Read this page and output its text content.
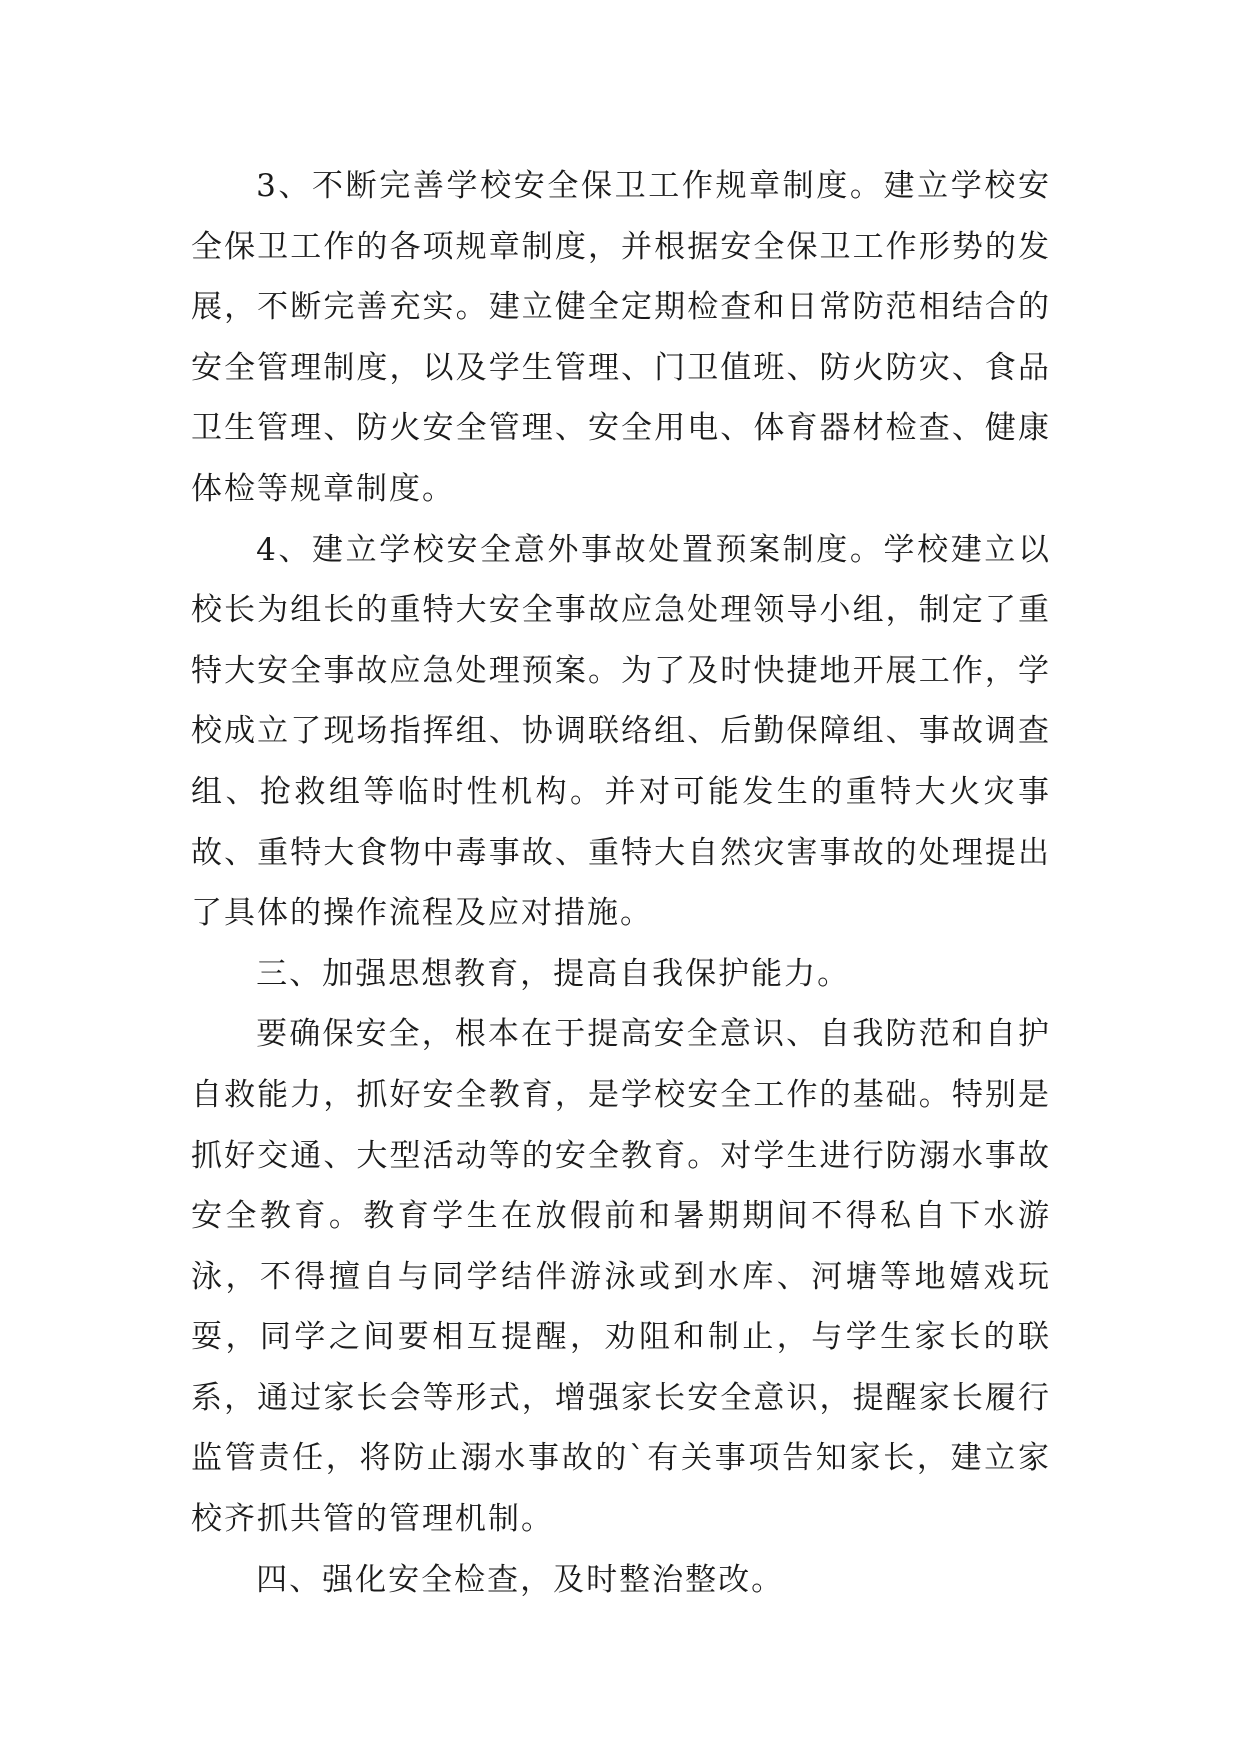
3、不断完善学校安全保卫工作规章制度。建立学校安全保卫工作的各项规章制度，并根据安全保卫工作形势的发展，不断完善充实。建立健全定期检查和日常防范相结合的安全管理制度，以及学生管理、门卫值班、防火防灾、食品卫生管理、防火安全管理、安全用电、体育器材检查、健康体检等规章制度。

4、建立学校安全意外事故处置预案制度。学校建立以校长为组长的重特大安全事故应急处理领导小组，制定了重特大安全事故应急处理预案。为了及时快捷地开展工作，学校成立了现场指挥组、协调联络组、后勤保障组、事故调查组、抢救组等临时性机构。并对可能发生的重特大火灾事故、重特大食物中毒事故、重特大自然灾害事故的处理提出了具体的操作流程及应对措施。

三、加强思想教育，提高自我保护能力。

要确保安全，根本在于提高安全意识、自我防范和自护自救能力，抓好安全教育，是学校安全工作的基础。特别是抓好交通、大型活动等的安全教育。对学生进行防溺水事故安全教育。教育学生在放假前和暑期期间不得私自下水游泳，不得擅自与同学结伴游泳或到水库、河塘等地嬉戏玩耍，同学之间要相互提醒，劝阻和制止，与学生家长的联系，通过家长会等形式，增强家长安全意识，提醒家长履行监管责任，将防止溺水事故的`有关事项告知家长，建立家校齐抓共管的管理机制。

四、强化安全检查，及时整治整改。
